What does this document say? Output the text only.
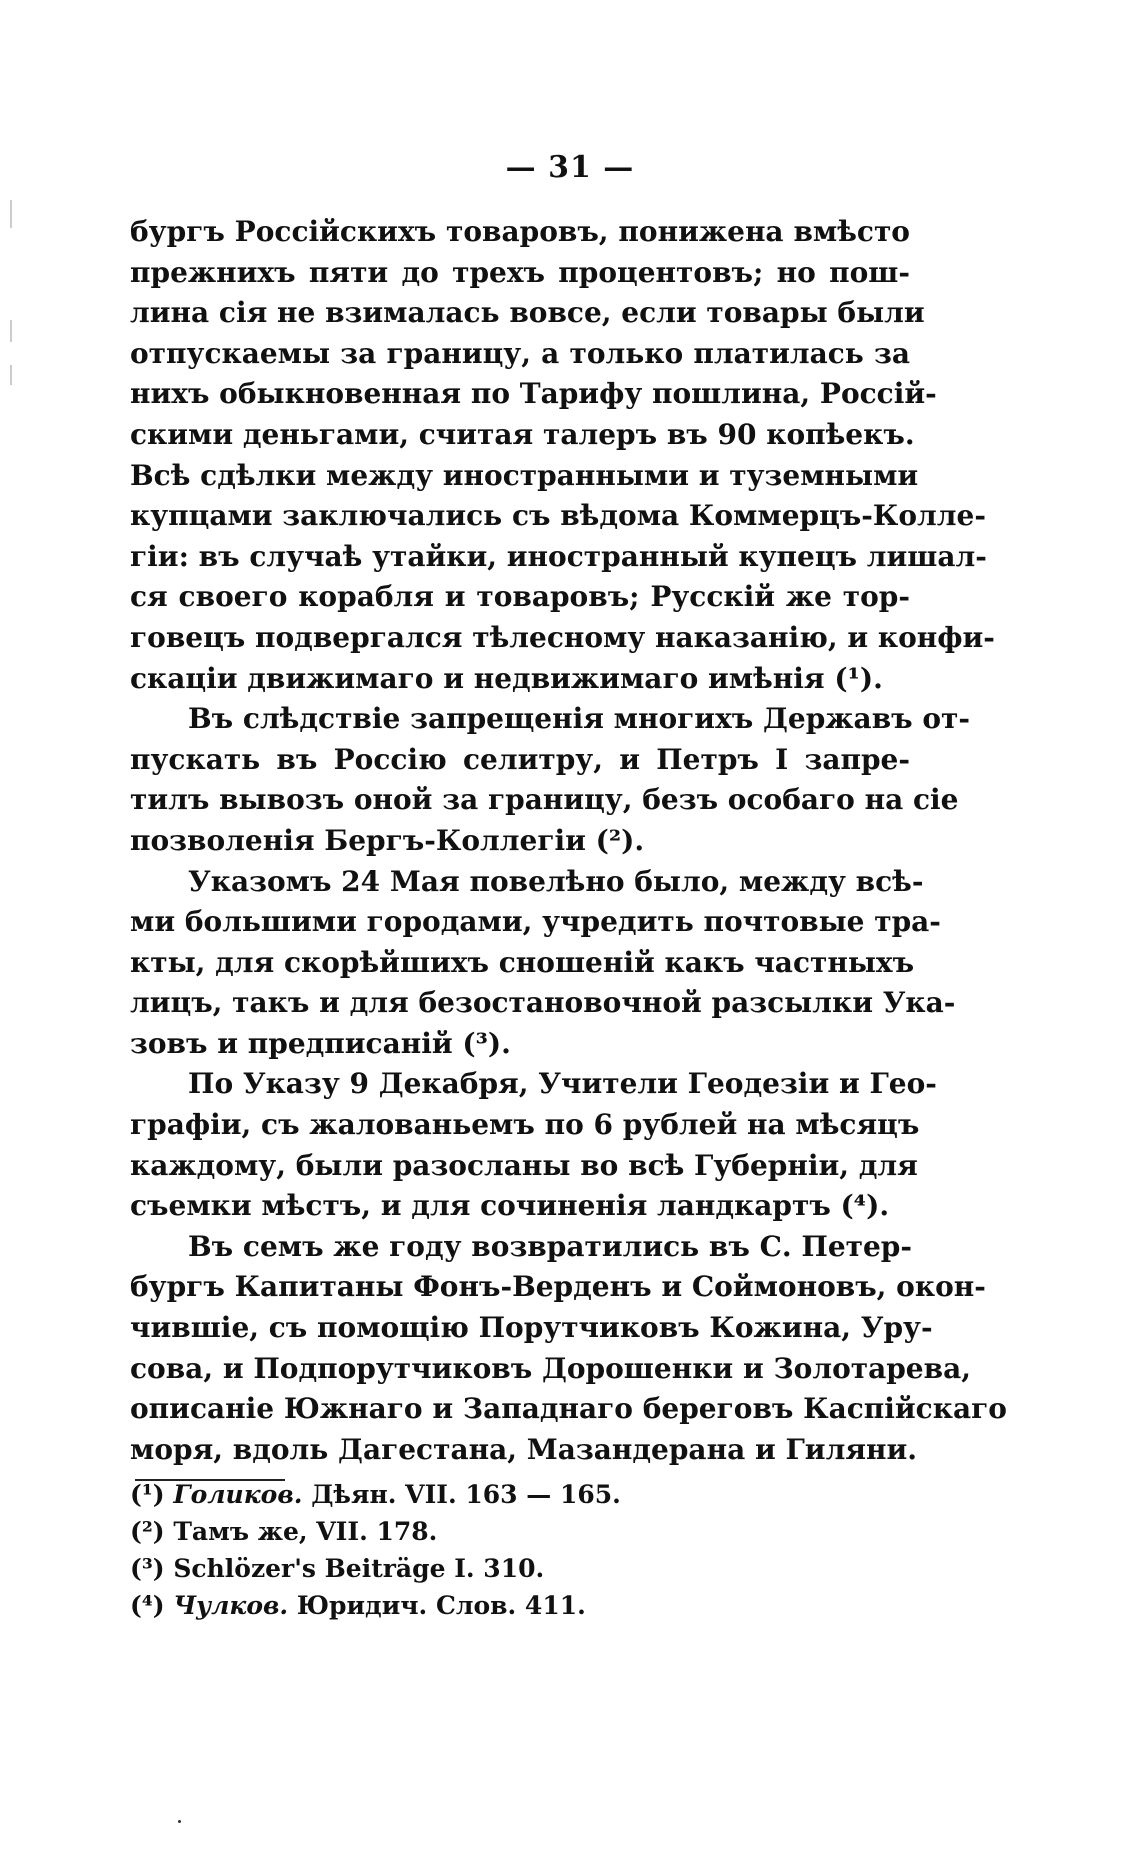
— 31 —
бургъ Россійскихъ товаровъ, понижена вмѣсто
прежнихъ пяти до трехъ процентовъ; но пош-
лина сія не взималась вовсе, если товары были
отпускаемы за границу, а только платилась за
нихъ обыкновенная по Тарифу пошлина, Россій-
скими деньгами, считая талеръ въ 90 копѣекъ.
Всѣ сдѣлки между иностранными и туземными
купцами заключались съ вѣдома Коммерцъ-Колле-
гіи: въ случаѣ утайки, иностранный купецъ лишал-
ся своего корабля и товаровъ; Русскій же тор-
говецъ подвергался тѣлесному наказанію, и конфи-
скаціи движимаго и недвижимаго имѣнія (¹).
Въ слѣдствіе запрещенія многихъ Державъ от-
пускать въ Россію селитру, и Петръ I запре-
тилъ вывозъ оной за границу, безъ особаго на сіе
позволенія Бергъ-Коллегіи (²).
Указомъ 24 Мая повелѣно было, между всѣ-
ми большими городами, учредить почтовые тра-
кты, для скорѣйшихъ сношеній какъ частныхъ
лицъ, такъ и для безостановочной разсылки Ука-
зовъ и предписаній (³).
По Указу 9 Декабря, Учители Геодезіи и Гео-
графіи, съ жалованьемъ по 6 рублей на мѣсяцъ
каждому, были разосланы во всѣ Губерніи, для
съемки мѣстъ, и для сочиненія ландкартъ (⁴).
Въ семъ же году возвратились въ С. Петер-
бургъ Капитаны Фонъ-Верденъ и Соймоновъ, окон-
чившіе, съ помощію Порутчиковъ Кожина, Уру-
сова, и Подпорутчиковъ Дорошенки и Золотарева,
описаніе Южнаго и Западнаго береговъ Каспійскаго
моря, вдоль Дагестана, Мазандерана и Гиляни.
(¹) Голиков. Дѣян. VII. 163 — 165.
(²) Тамъ же, VII. 178.
(³) Schlözer's Beiträge I. 310.
(⁴) Чулков. Юридич. Слов. 411.
